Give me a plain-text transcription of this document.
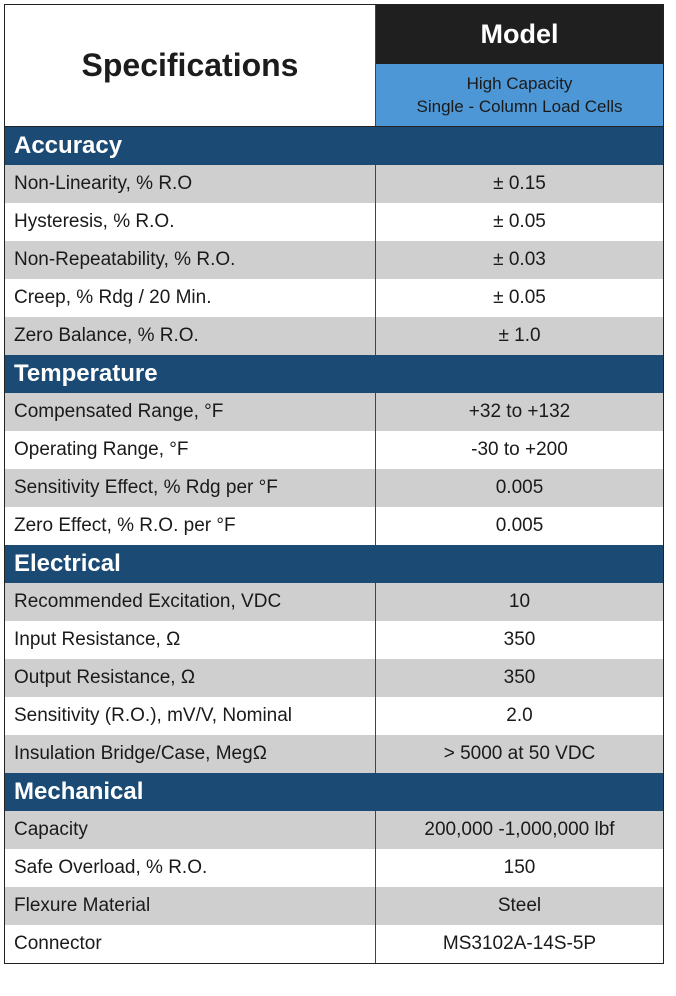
Specifications
Model
High Capacity
Single - Column Load Cells
Accuracy
Non-Linearity, % R.O	± 0.15
Hysteresis, % R.O.	± 0.05
Non-Repeatability, % R.O.	± 0.03
Creep, % Rdg / 20 Min.	± 0.05
Zero Balance, % R.O.	± 1.0
Temperature
Compensated Range, °F	+32 to +132
Operating Range, °F	-30 to +200
Sensitivity Effect, % Rdg per °F	0.005
Zero Effect, % R.O. per °F	0.005
Electrical
Recommended Excitation, VDC	10
Input Resistance, Ω	350
Output Resistance, Ω	350
Sensitivity (R.O.), mV/V, Nominal	2.0
Insulation Bridge/Case, MegΩ	> 5000 at 50 VDC
Mechanical
Capacity	200,000 -1,000,000 lbf
Safe Overload, % R.O.	150
Flexure Material	Steel
Connector	MS3102A-14S-5P
